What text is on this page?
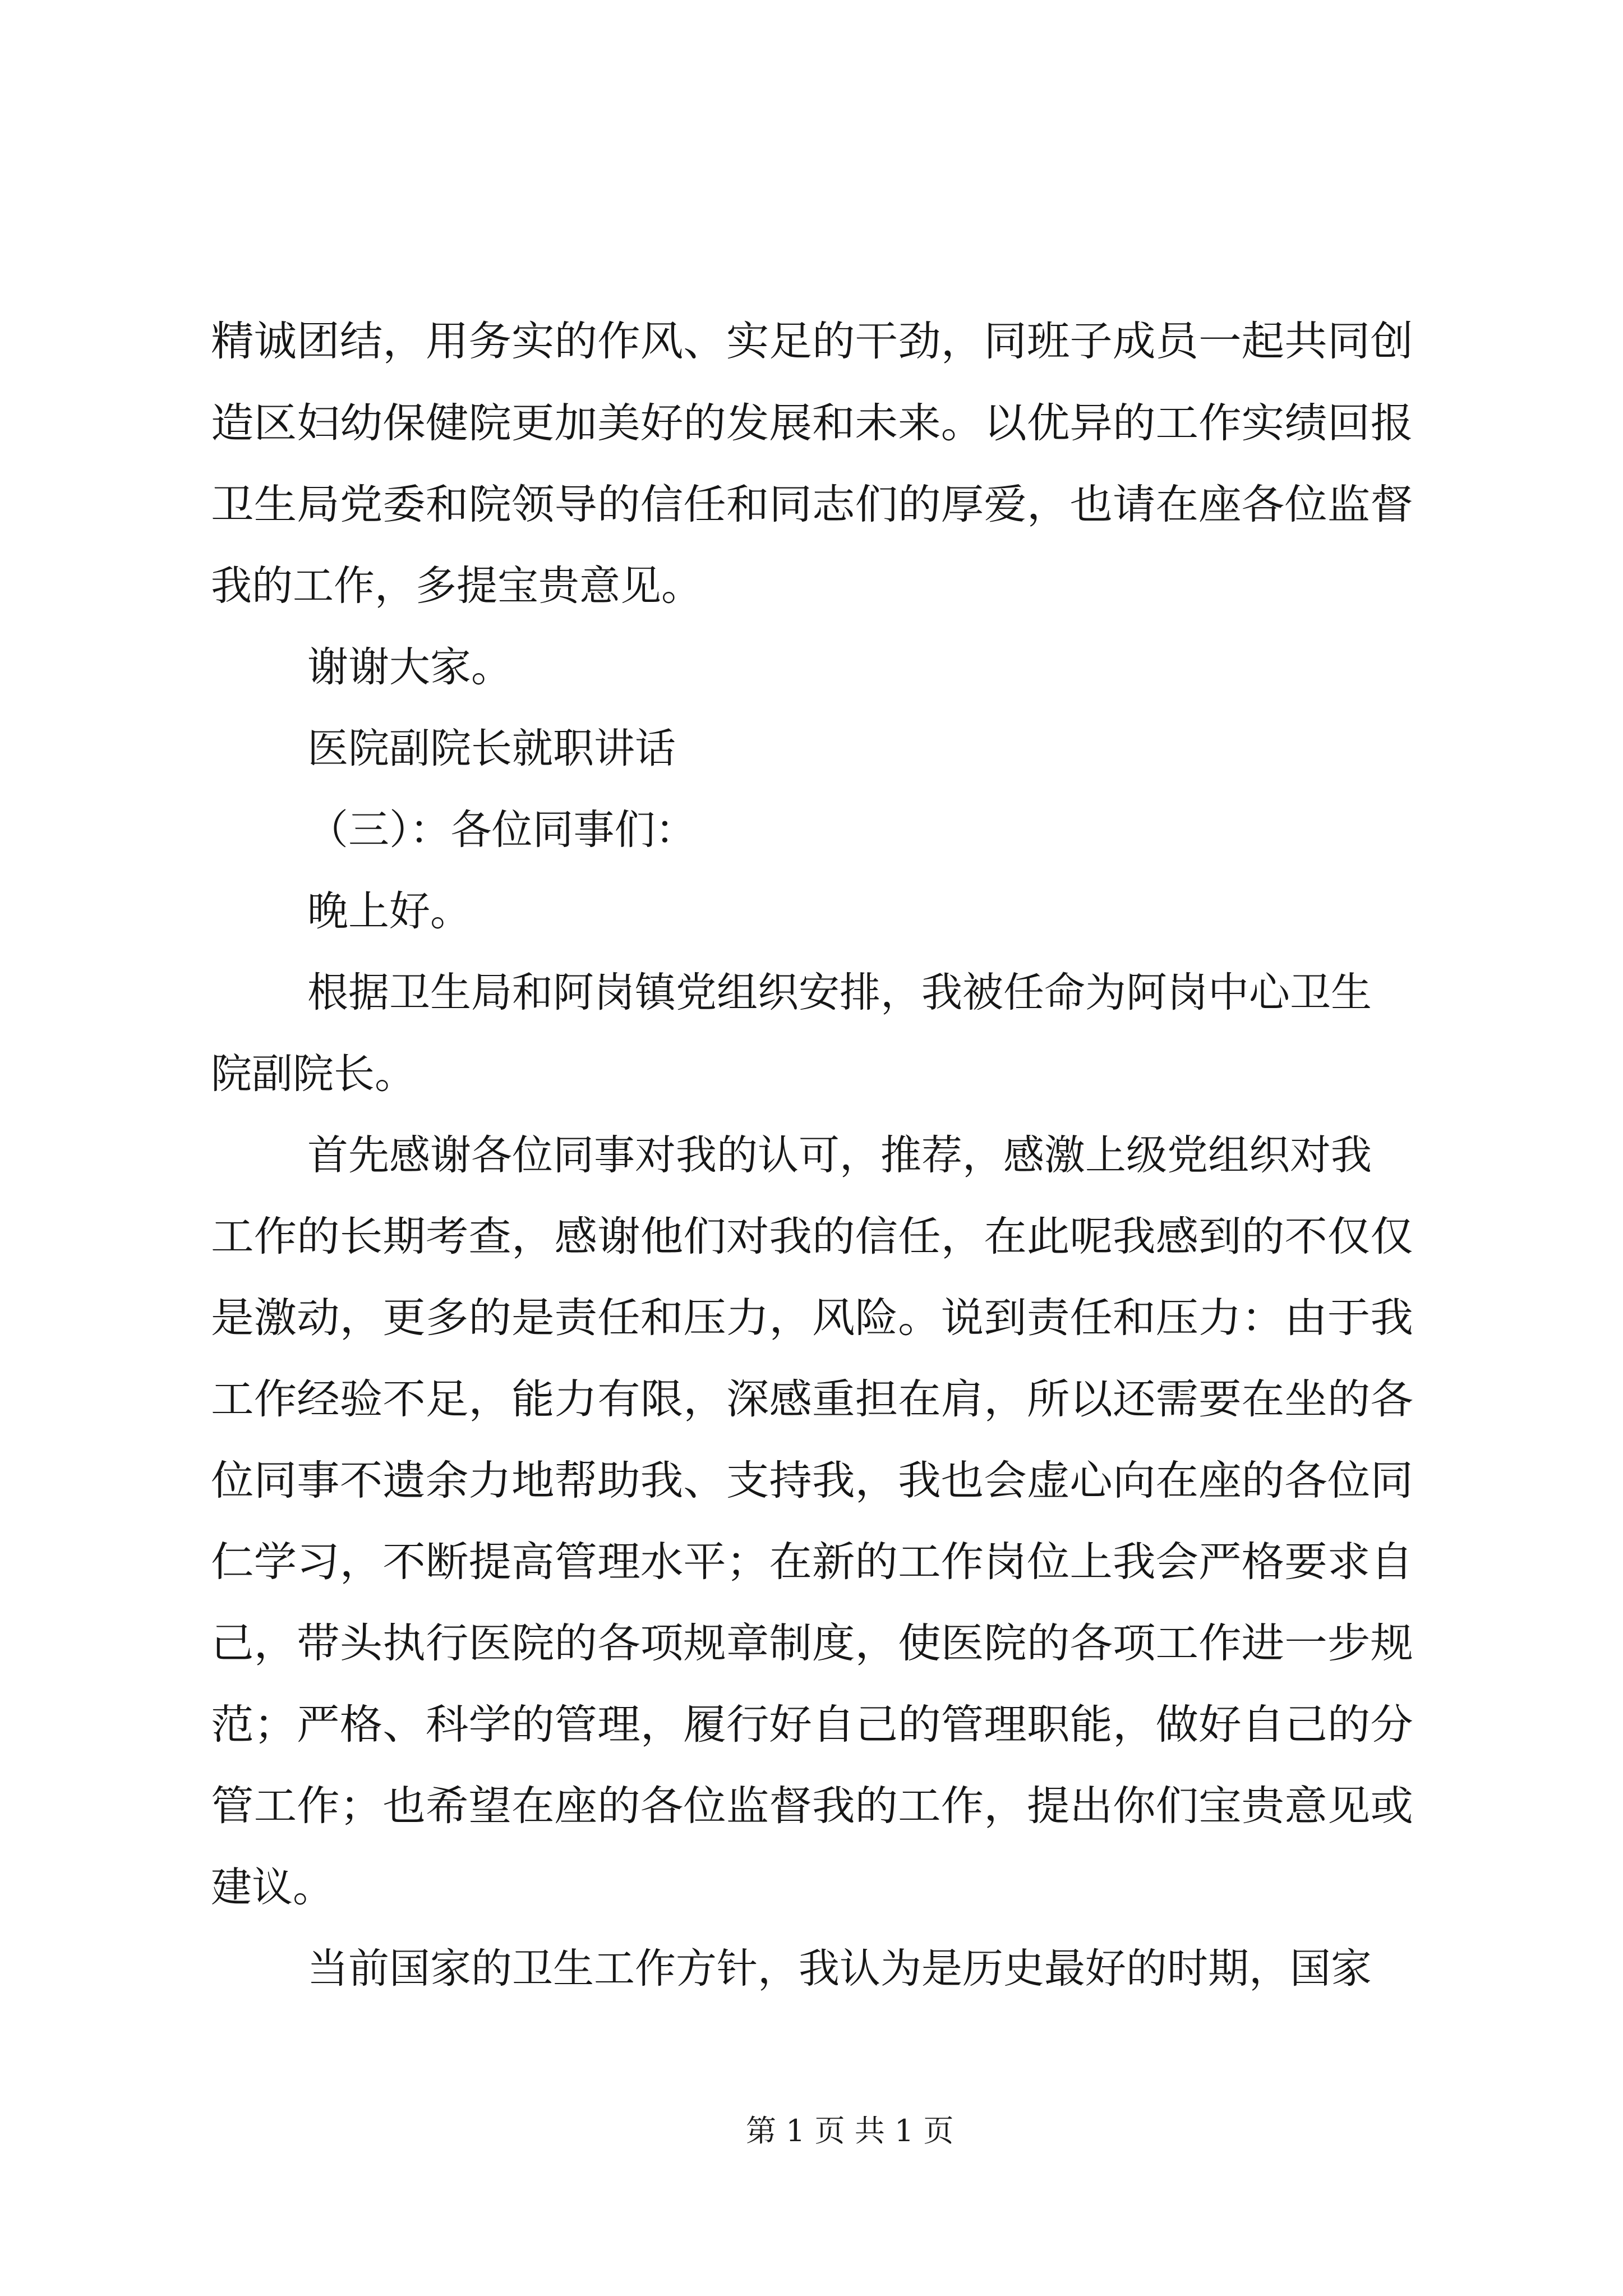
精诚团结，用务实的作风、实足的干劲，同班子成员一起共同创
造区妇幼保健院更加美好的发展和未来。以优异的工作实绩回报
卫生局党委和院领导的信任和同志们的厚爱，也请在座各位监督
我的工作，多提宝贵意见。
谢谢大家。
医院副院长就职讲话
（三）：各位同事们：
晚上好。
根据卫生局和阿岗镇党组织安排，我被任命为阿岗中心卫生
院副院长。
首先感谢各位同事对我的认可，推荐，感激上级党组织对我
工作的长期考查，感谢他们对我的信任，在此呢我感到的不仅仅
是激动，更多的是责任和压力，风险。说到责任和压力：由于我
工作经验不足，能力有限，深感重担在肩，所以还需要在坐的各
位同事不遗余力地帮助我、支持我，我也会虚心向在座的各位同
仁学习，不断提高管理水平；在新的工作岗位上我会严格要求自
己，带头执行医院的各项规章制度，使医院的各项工作进一步规
范；严格、科学的管理，履行好自己的管理职能，做好自己的分
管工作；也希望在座的各位监督我的工作，提出你们宝贵意见或
建议。
当前国家的卫生工作方针，我认为是历史最好的时期，国家
第 1 页 共 1 页
